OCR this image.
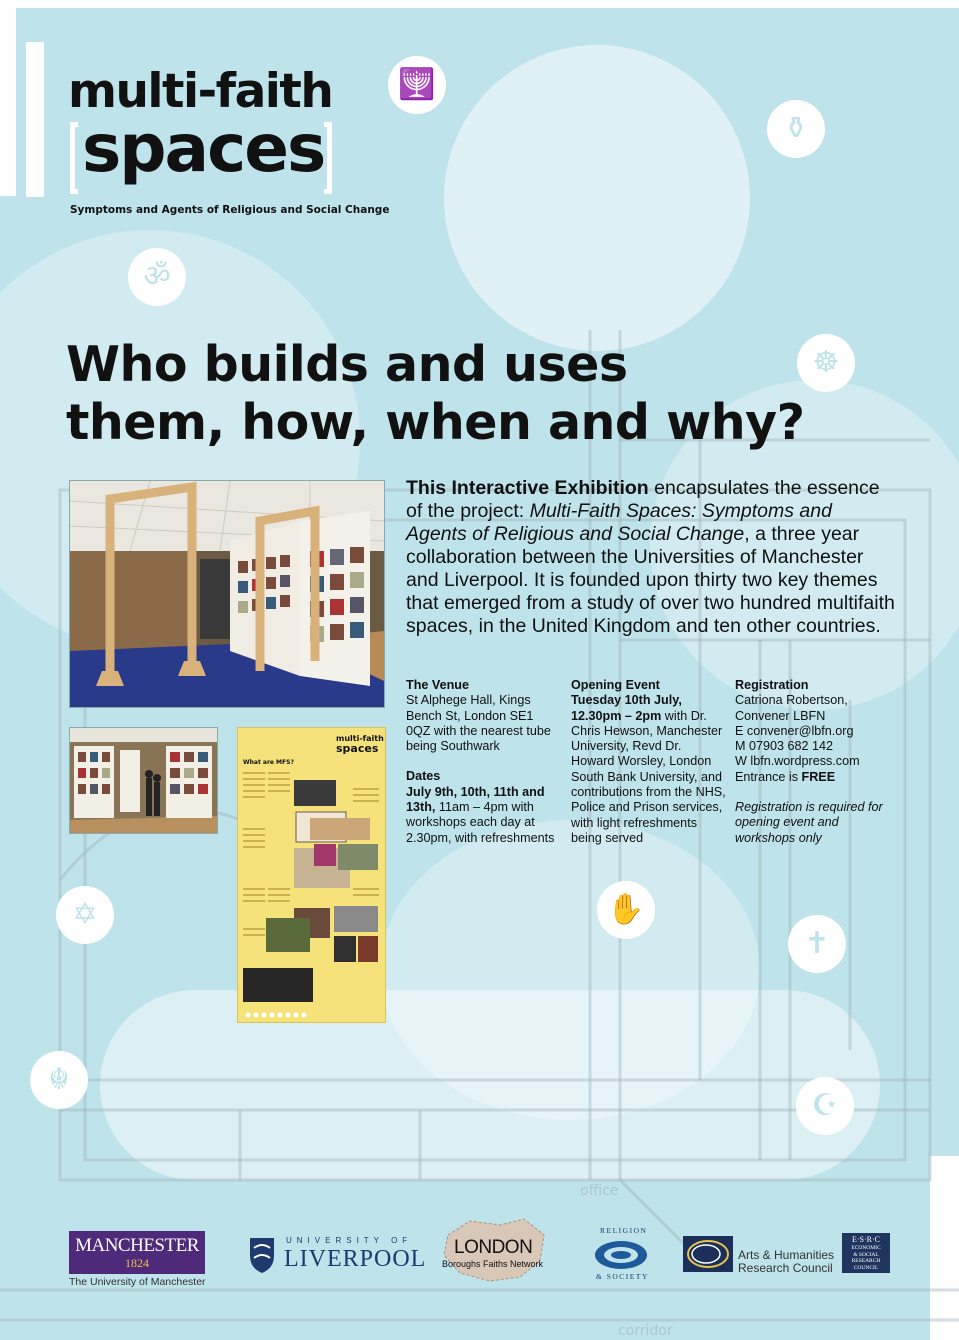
office
corridor
🕎
⚱
ॐ
☸
✡	✋
✝
☬
☪
multi-faith
spaces
Symptoms and Agents of Religious and Social Change
Who builds and uses
them, how, when and why?
multi-faith
spaces
What are MFS?

This Interactive Exhibition encapsulates the essence of the project: Multi-Faith Spaces: Symptoms and Agents of Religious and Social Change, a three year collaboration between the Universities of Manchester and Liverpool. It is founded upon thirty two key themes that emerged from a study of over two hundred multifaith spaces, in the United Kingdom and ten other countries.

The Venue
St Alphege Hall, Kings Bench St, London SE1 0QZ with the nearest tube being Southwark
Dates
July 9th, 10th, 11th and 13th, 11am – 4pm with workshops each day at 2.30pm, with refreshments
Opening Event
Tuesday 10th July, 12.30pm – 2pm with Dr. Chris Hewson, Manchester University, Revd Dr. Howard Worsley, London South Bank University, and contributions from the NHS, Police and Prison services, with light refreshments being served
Registration
Catriona Robertson, Convener LBFN
E convener@lbfn.org
M 07903 682 142
W lbfn.wordpress.com
Entrance is FREE
Registration is required for opening event and workshops only
MANCHESTER
1824
The University of Manchester
UNIVERSITY OF
LIVERPOOL LONDON
Boroughs Faiths Network
RELIGION
& SOCIETY
Arts & Humanities
Research Council
E·S·R·C
ECONOMIC
& SOCIAL
RESEARCH
COUNCIL
